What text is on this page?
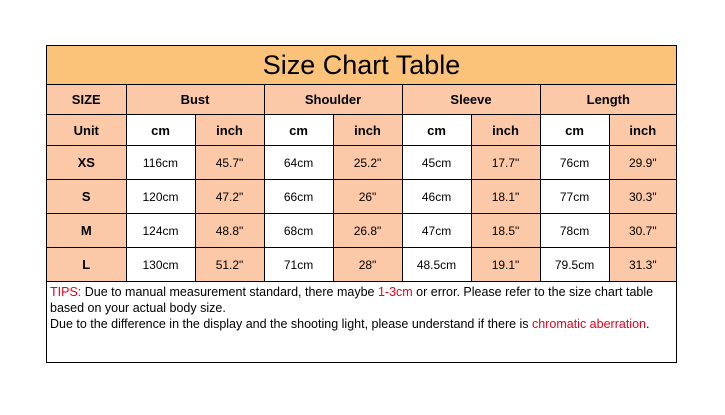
Size Chart Table
SIZE	Bust		Shoulder		Sleeve		Length	
Unit	cm	inch	cm	inch	cm	inch	cm	inch
XS	116cm	45.7"	64cm	25.2"	45cm	17.7"	76cm	29.9"
S	120cm	47.2"	66cm	26"	46cm	18.1"	77cm	30.3"
M	124cm	48.8"	68cm	26.8"	47cm	18.5"	78cm	30.7"
L	130cm	51.2"	71cm	28"	48.5cm	19.1"	79.5cm	31.3"
TIPS: Due to manual measurement standard, there maybe 1-3cm or error. Please refer to the size chart table based on your actual body size.
Due to the difference in the display and the shooting light, please understand if there is chromatic aberration.
